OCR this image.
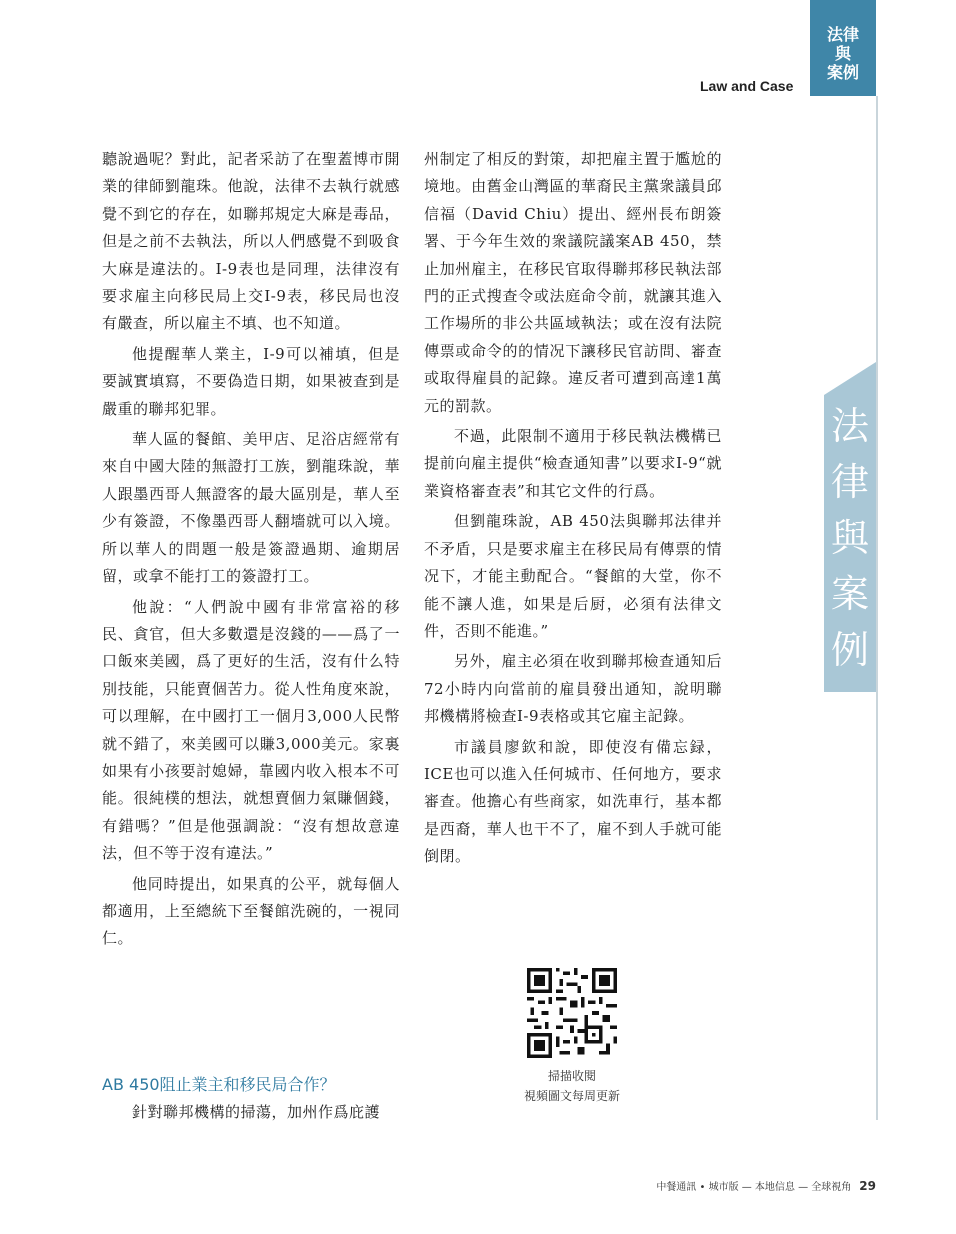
Law and Case
法律
與
案例
法
律
與
案
例

聽說過呢？對此，記者采訪了在聖蓋博市開業的律師劉龍珠。他說，法律不去執行就感覺不到它的存在，如聯邦規定大麻是毒品，但是之前不去執法，所以人們感覺不到吸食大麻是違法的。I-9表也是同理，法律沒有要求雇主向移民局上交I-9表，移民局也沒有嚴查，所以雇主不填、也不知道。

他提醒華人業主，I-9可以補填，但是要誠實填寫，不要偽造日期，如果被查到是嚴重的聯邦犯罪。

華人區的餐館、美甲店、足浴店經常有來自中國大陸的無證打工族，劉龍珠說，華人跟墨西哥人無證客的最大區別是，華人至少有簽證，不像墨西哥人翻墻就可以入境。所以華人的問題一般是簽證過期、逾期居留，或拿不能打工的簽證打工。

他說：“人們說中國有非常富裕的移民、貪官，但大多數還是沒錢的——爲了一口飯來美國，爲了更好的生活，沒有什么特別技能，只能賣個苦力。從人性角度來說，可以理解，在中國打工一個月3,000人民幣就不錯了，來美國可以賺3,000美元。家裏如果有小孩要討媳婦，靠國内收入根本不可能。很純樸的想法，就想賣個力氣賺個錢，有錯嗎？”但是他强調說：“沒有想故意違法，但不等于沒有違法。”

他同時提出，如果真的公平，就每個人都適用，上至總統下至餐館洗碗的，一視同仁。

AB 450阻止業主和移民局合作？
針對聯邦機構的掃蕩，加州作爲庇護

州制定了相反的對策，却把雇主置于尷尬的境地。由舊金山灣區的華裔民主黨衆議員邱信福（David Chiu）提出、經州長布朗簽署、于今年生效的衆議院議案AB 450，禁止加州雇主，在移民官取得聯邦移民執法部門的正式搜查令或法庭命令前，就讓其進入工作場所的非公共區域執法；或在沒有法院傳票或命令的的情况下讓移民官訪問、審查或取得雇員的記錄。違反者可遭到高達1萬元的罰款。

不過，此限制不適用于移民執法機構已提前向雇主提供“檢查通知書”以要求I-9“就業資格審查表”和其它文件的行爲。

但劉龍珠說，AB 450法與聯邦法律并不矛盾，只是要求雇主在移民局有傳票的情况下，才能主動配合。“餐館的大堂，你不能不讓人進，如果是后厨，必須有法律文件，否則不能進。”

另外，雇主必須在收到聯邦檢查通知后72小時内向當前的雇員發出通知，說明聯邦機構將檢查I-9表格或其它雇主記錄。

市議員廖欽和說，即使沒有備忘録，ICE也可以進入任何城市、任何地方，要求審查。他擔心有些商家，如洗車行，基本都是西裔，華人也干不了，雇不到人手就可能倒閉。

掃描收閱
視頻圖文每周更新
中餐通訊 • 城市版 — 本地信息 — 全球視角 29
